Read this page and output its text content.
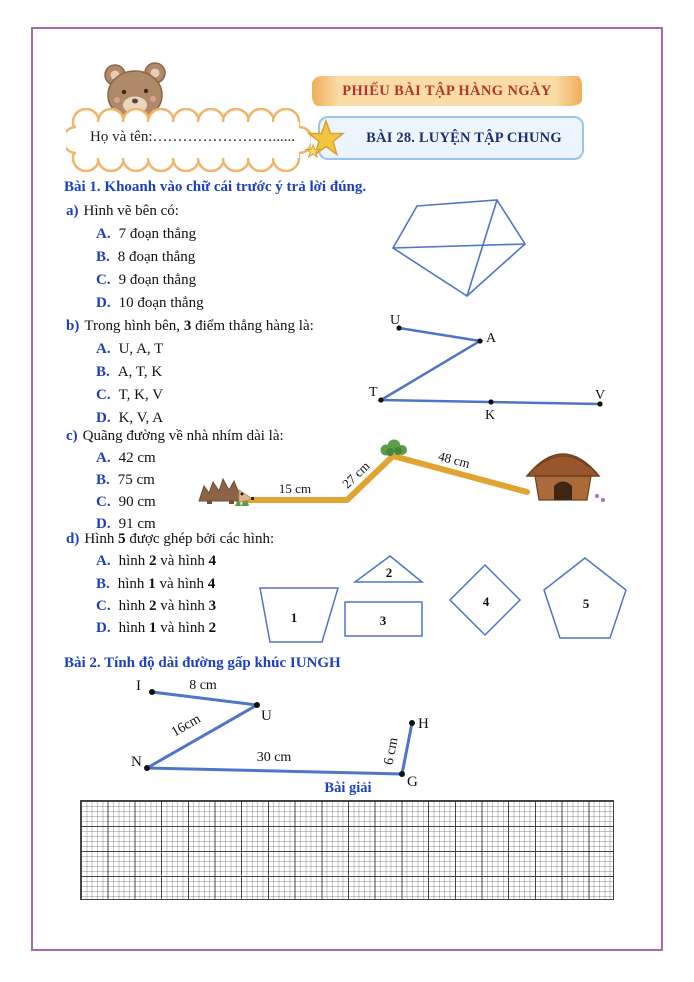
Họ và tên:……………………......
PHIẾU BÀI TẬP HÀNG NGÀY
BÀI 28. LUYỆN TẬP CHUNG
Bài 1. Khoanh vào chữ cái trước ý trả lời đúng.
a) Hình vẽ bên có:
A. 7 đoạn thẳng
B. 8 đoạn thẳng
C. 9 đoạn thẳng
D. 10 đoạn thẳng
b) Trong hình bên, 3 điểm thẳng hàng là:
A. U, A, T
B. A, T, K
C. T, K, V
D. K, V, A
U
A
T
K
V
c) Quãng đường về nhà nhím dài là:
A. 42 cm
B. 75 cm
C. 90 cm
D. 91 cm
15 cm 27 cm	48 cm
d) Hình 5 được ghép bởi các hình:
A. hình 2 và hình 4
B. hình 1 và hình 4
C. hình 2 và hình 3
D. hình 1 và hình 2
1
2
3
4	5
Bài 2. Tính độ dài đường gấp khúc IUNGH
I
U
N
G
H
8 cm
16cm
30 cm	6 cm
Bài giải
